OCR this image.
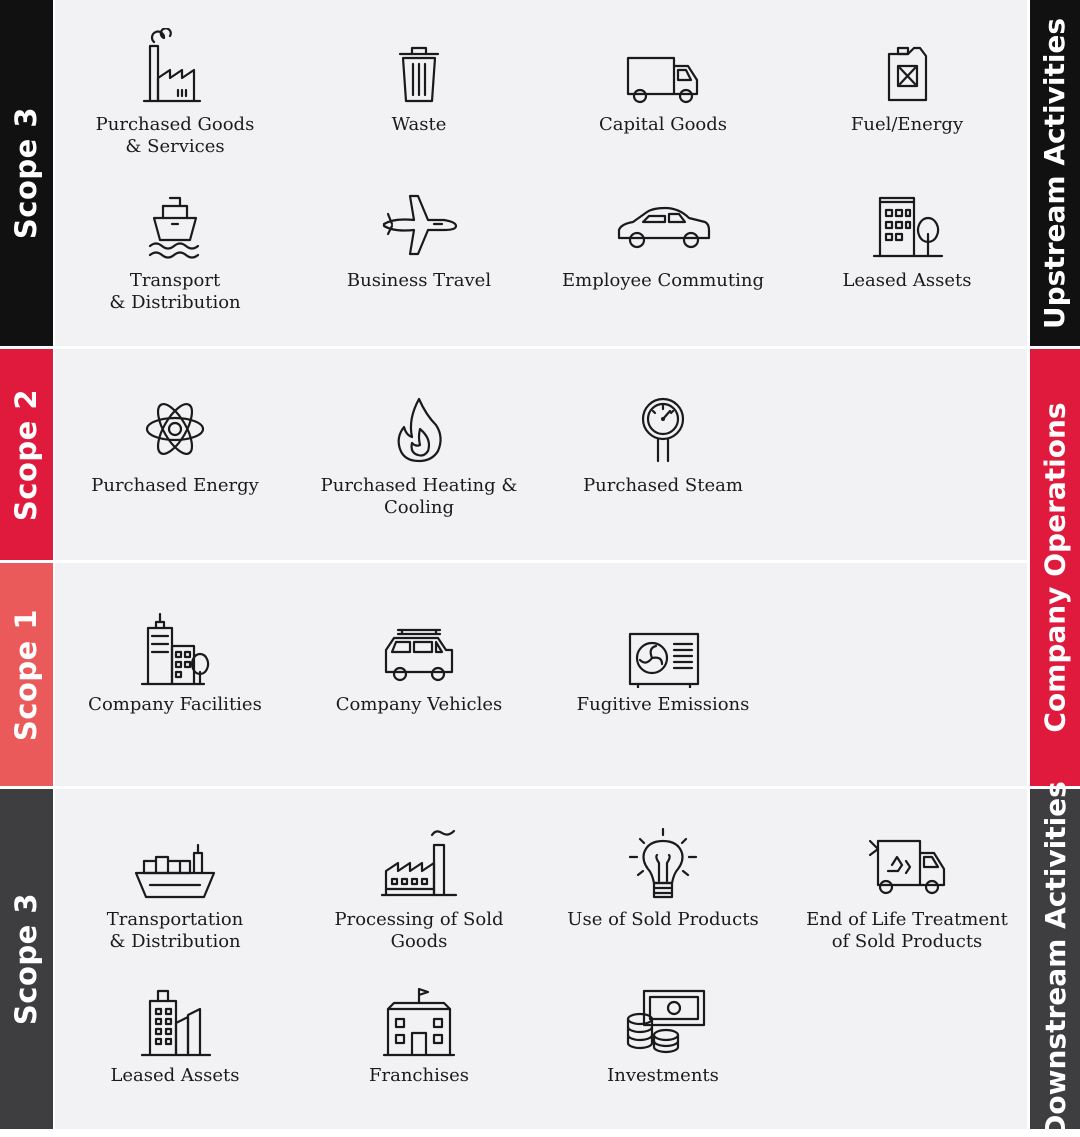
Scope 3
Scope 2
Scope 1
Scope 3
Upstream Activities
Company Operations
Downstream Activities
Purchased Goods
& Services
Waste	Capital Goods	Fuel/Energy
Transport
& Distribution
Business Travel	Employee Commuting	Leased Assets
Purchased Energy	Purchased Heating &
Cooling
Purchased Steam
Company Facilities	Company Vehicles	Fugitive Emissions
Transportation
& Distribution
Processing of Sold Goods
Use of Sold Products	End of Life Treatment
of Sold Products
Leased Assets	Franchises	Investments
